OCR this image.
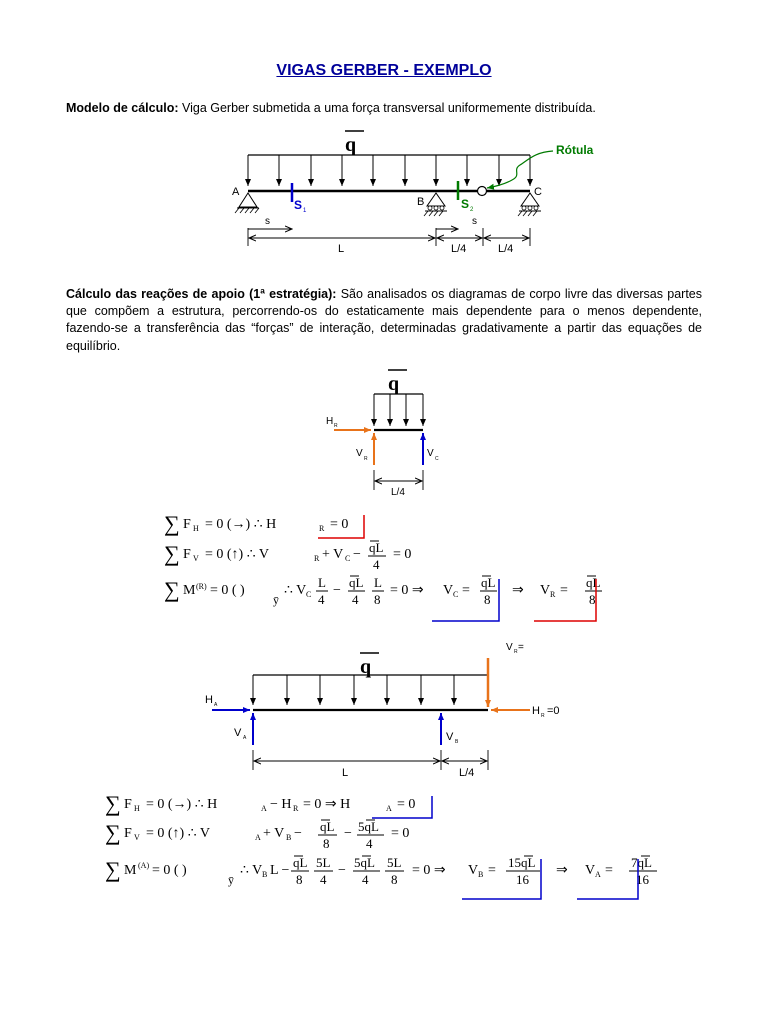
VIGAS GERBER - EXEMPLO
Modelo de cálculo: Viga Gerber submetida a uma força transversal uniformemente distribuída.
Cálculo das reações de apoio (1ª estratégia): São analisados os diagramas de corpo livre das diversas partes que compõem a estrutura, percorrendo-os do estaticamente mais dependente para o menos dependente, fazendo-se a transferência das “forças” de interação, determinadas gradativamente a partir das equações de equilíbrio.
q
A
B
C
S 1	S 2
Rótula
s	s
L	L/4	L/4
q
H R
V R	V C
L/4
∑ F H = 0 (→) ∴ H	R = 0
∑ F V = 0 (↑) ∴ V	R + V C − qL
4
= 0
∑ M (R) = 0 ( )
ȳ
∴ V C
L
4
−
qL
4
L
8
= 0 ⇒ V C =
qL
8
⇒ V R =
qL
8
q
V R =
H R =0
H A
V A	V B
L	L/4
∑ F H = 0 (→) ∴ H	A − H R = 0 ⇒ H	A = 0
∑ F V = 0 (↑) ∴ V	A + V B − qL
8
− 5qL
4
= 0
∑ M (A) = 0 ( )
ȳ
∴ V B L −
qL
8
5L
4
−
5qL
4
5L
8
= 0 ⇒ V B =
15qL
16
⇒ V A =
7qL
16
